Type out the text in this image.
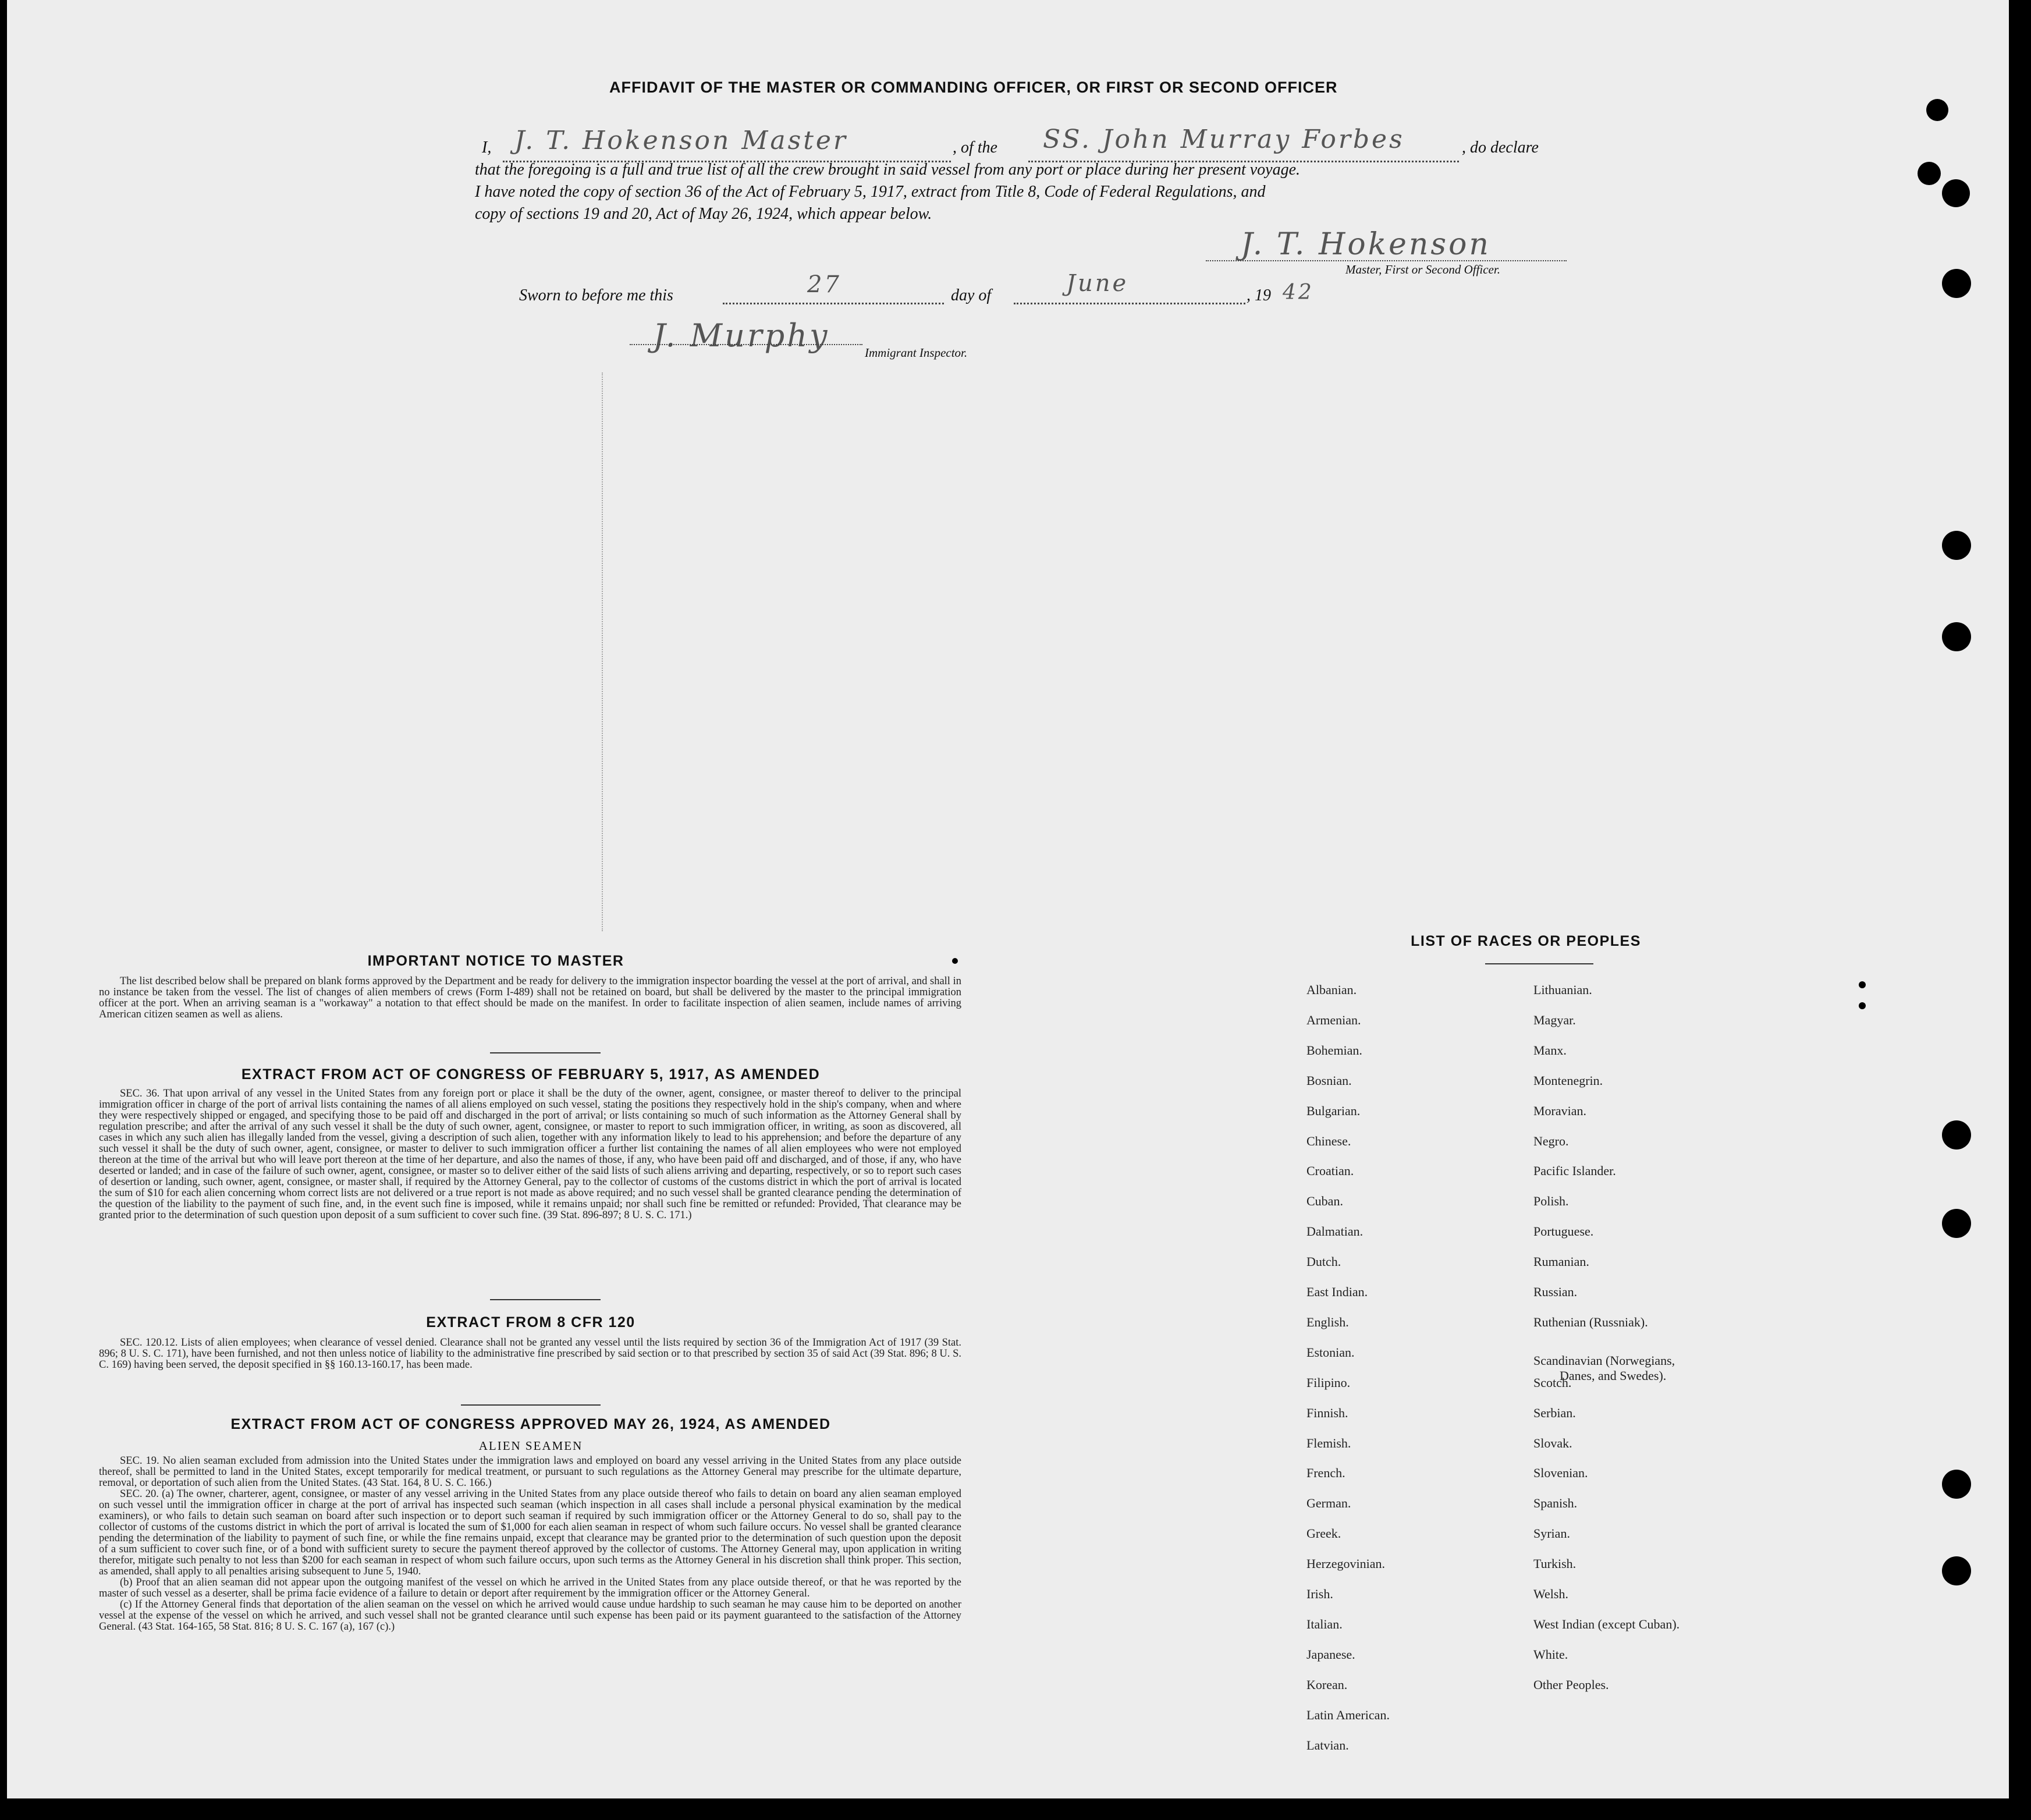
AFFIDAVIT OF THE MASTER OR COMMANDING OFFICER, OR FIRST OR SECOND OFFICER
I, J. T. Hokenson Master	, of the SS. John Murray Forbes	, do declare
that the foregoing is a full and true list of all the crew brought in said vessel from any port or place during her present voyage.
I have noted the copy of section 36 of the Act of February 5, 1917, extract from Title 8, Code of Federal Regulations, and
copy of sections 19 and 20, Act of May 26, 1924, which appear below.
J. T. Hokenson
Master, First or Second Officer.
Sworn to before me this	27	day of	June	, 19 42
J. Murphy	Immigrant Inspector.
IMPORTANT NOTICE TO MASTER

The list described below shall be prepared on blank forms approved by the Department and be ready for delivery to the immigration inspector boarding the vessel at the port of arrival, and shall in no instance be taken from the vessel. The list of changes of alien members of crews (Form I-489) shall not be retained on board, but shall be delivered by the master to the principal immigration officer at the port. When an arriving seaman is a "workaway" a notation to that effect should be made on the manifest. In order to facilitate inspection of alien seamen, include names of arriving American citizen seamen as well as aliens.

EXTRACT FROM ACT OF CONGRESS OF FEBRUARY 5, 1917, AS AMENDED

SEC. 36. That upon arrival of any vessel in the United States from any foreign port or place it shall be the duty of the owner, agent, consignee, or master thereof to deliver to the principal immigration officer in charge of the port of arrival lists containing the names of all aliens employed on such vessel, stating the positions they respectively hold in the ship's company, when and where they were respectively shipped or engaged, and specifying those to be paid off and discharged in the port of arrival; or lists containing so much of such information as the Attorney General shall by regulation prescribe; and after the arrival of any such vessel it shall be the duty of such owner, agent, consignee, or master to report to such immigration officer, in writing, as soon as discovered, all cases in which any such alien has illegally landed from the vessel, giving a description of such alien, together with any information likely to lead to his apprehension; and before the departure of any such vessel it shall be the duty of such owner, agent, consignee, or master to deliver to such immigration officer a further list containing the names of all alien employees who were not employed thereon at the time of the arrival but who will leave port thereon at the time of her departure, and also the names of those, if any, who have been paid off and discharged, and of those, if any, who have deserted or landed; and in case of the failure of such owner, agent, consignee, or master so to deliver either of the said lists of such aliens arriving and departing, respectively, or so to report such cases of desertion or landing, such owner, agent, consignee, or master shall, if required by the Attorney General, pay to the collector of customs of the customs district in which the port of arrival is located the sum of $10 for each alien concerning whom correct lists are not delivered or a true report is not made as above required; and no such vessel shall be granted clearance pending the determination of the question of the liability to the payment of such fine, and, in the event such fine is imposed, while it remains unpaid; nor shall such fine be remitted or refunded: Provided, That clearance may be granted prior to the determination of such question upon deposit of a sum sufficient to cover such fine. (39 Stat. 896-897; 8 U. S. C. 171.)

EXTRACT FROM 8 CFR 120

SEC. 120.12. Lists of alien employees; when clearance of vessel denied. Clearance shall not be granted any vessel until the lists required by section 36 of the Immigration Act of 1917 (39 Stat. 896; 8 U. S. C. 171), have been furnished, and not then unless notice of liability to the administrative fine prescribed by said section or to that prescribed by section 35 of said Act (39 Stat. 896; 8 U. S. C. 169) having been served, the deposit specified in §§ 160.13-160.17, has been made.

EXTRACT FROM ACT OF CONGRESS APPROVED MAY 26, 1924, AS AMENDED
ALIEN SEAMEN

SEC. 19. No alien seaman excluded from admission into the United States under the immigration laws and employed on board any vessel arriving in the United States from any place outside thereof, shall be permitted to land in the United States, except temporarily for medical treatment, or pursuant to such regulations as the Attorney General may prescribe for the ultimate departure, removal, or deportation of such alien from the United States. (43 Stat. 164, 8 U. S. C. 166.)

SEC. 20. (a) The owner, charterer, agent, consignee, or master of any vessel arriving in the United States from any place outside thereof who fails to detain on board any alien seaman employed on such vessel until the immigration officer in charge at the port of arrival has inspected such seaman (which inspection in all cases shall include a personal physical examination by the medical examiners), or who fails to detain such seaman on board after such inspection or to deport such seaman if required by such immigration officer or the Attorney General to do so, shall pay to the collector of customs of the customs district in which the port of arrival is located the sum of $1,000 for each alien seaman in respect of whom such failure occurs. No vessel shall be granted clearance pending the determination of the liability to payment of such fine, or while the fine remains unpaid, except that clearance may be granted prior to the determination of such question upon the deposit of a sum sufficient to cover such fine, or of a bond with sufficient surety to secure the payment thereof approved by the collector of customs. The Attorney General may, upon application in writing therefor, mitigate such penalty to not less than $200 for each seaman in respect of whom such failure occurs, upon such terms as the Attorney General in his discretion shall think proper. This section, as amended, shall apply to all penalties arising subsequent to June 5, 1940.

(b) Proof that an alien seaman did not appear upon the outgoing manifest of the vessel on which he arrived in the United States from any place outside thereof, or that he was reported by the master of such vessel as a deserter, shall be prima facie evidence of a failure to detain or deport after requirement by the immigration officer or the Attorney General.

(c) If the Attorney General finds that deportation of the alien seaman on the vessel on which he arrived would cause undue hardship to such seaman he may cause him to be deported on another vessel at the expense of the vessel on which he arrived, and such vessel shall not be granted clearance until such expense has been paid or its payment guaranteed to the satisfaction of the Attorney General. (43 Stat. 164-165, 58 Stat. 816; 8 U. S. C. 167 (a), 167 (c).)

LIST OF RACES OR PEOPLES
Albanian.
Armenian.
Bohemian.
Bosnian.
Bulgarian.
Chinese.
Croatian.
Cuban.
Dalmatian.
Dutch.
East Indian.
English.
Estonian.
Filipino.
Finnish.
Flemish.
French.
German.
Greek.
Herzegovinian.
Irish.
Italian.
Japanese.
Korean.
Latin American.
Latvian.
Lithuanian.
Magyar.
Manx.
Montenegrin.
Moravian.
Negro.
Pacific Islander.
Polish.
Portuguese.
Rumanian.
Russian.
Ruthenian (Russniak).
Scandinavian (Norwegians,
Danes, and Swedes).
Scotch.
Serbian.
Slovak.
Slovenian.
Spanish.
Syrian.
Turkish.
Welsh.
West Indian (except Cuban).
White.
Other Peoples.
